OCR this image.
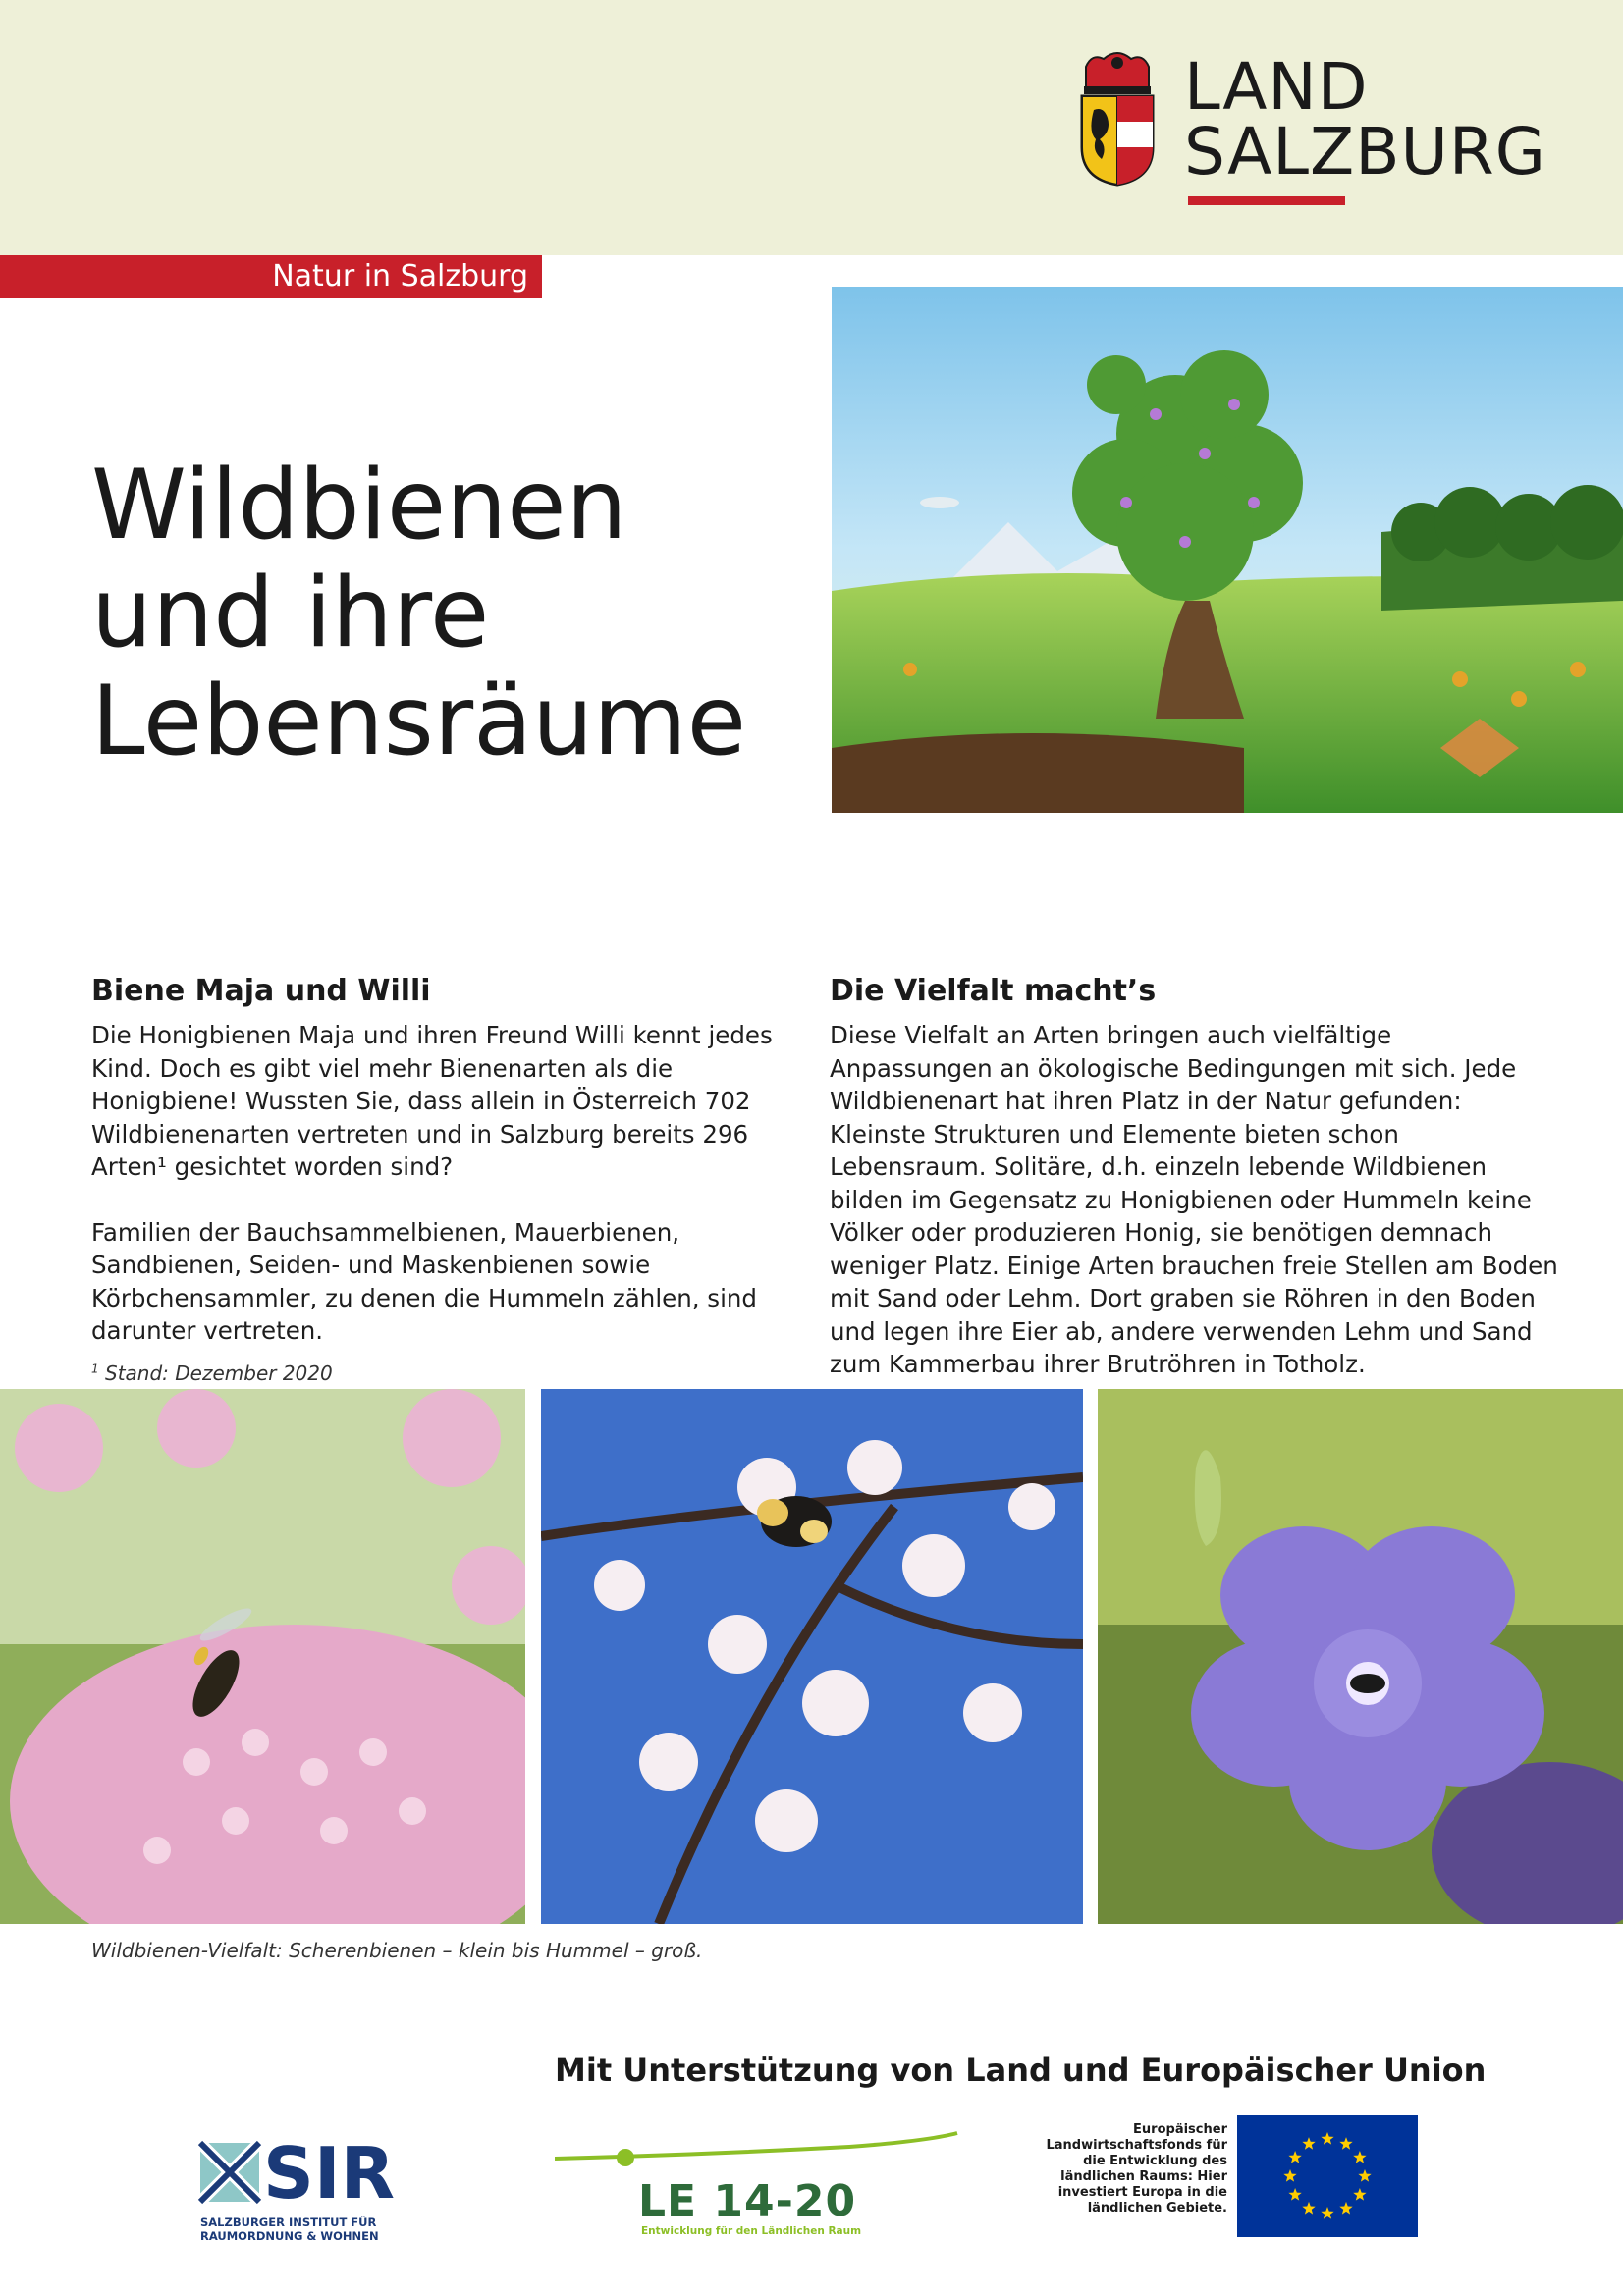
LAND
SALZBURG
Natur in Salzburg
Wildbienen
und ihre
Lebensräume
Biene Maja und Willi

Die Honigbienen Maja und ihren Freund Willi kennt jedes Kind. Doch es gibt viel mehr Bienenarten als die Honigbiene! Wussten Sie, dass allein in Österreich 702 Wildbienenarten vertreten und in Salzburg bereits 296 Arten¹ gesichtet worden sind?

Familien der Bauchsammelbienen, Mauerbienen, Sandbienen, Seiden- und Maskenbienen sowie Körbchensammler, zu denen die Hummeln zählen, sind darunter vertreten.

$^1$ Stand: Dezember 2020
Die Vielfalt macht’s

Diese Vielfalt an Arten bringen auch vielfältige Anpassungen an ökologische Bedingungen mit sich. Jede Wildbienenart hat ihren Platz in der Natur gefunden: Kleinste Strukturen und Elemente bieten schon Lebensraum. Solitäre, d.h. einzeln lebende Wildbienen bilden im Gegensatz zu Honigbienen oder Hummeln keine Völker oder produzieren Honig, sie benötigen demnach weniger Platz. Einige Arten brauchen freie Stellen am Boden mit Sand oder Lehm. Dort graben sie Röhren in den Boden und legen ihre Eier ab, andere verwenden Lehm und Sand zum Kammerbau ihrer Brutröhren in Totholz.

Wildbienen-Vielfalt: Scherenbienen – klein bis Hummel – groß.
Mit Unterstützung von Land und Europäischer Union
SIR
SALZBURGER INSTITUT FÜR
RAUMORDNUNG & WOHNEN
LE 14-20
Entwicklung für den Ländlichen Raum
Europäischer Landwirtschaftsfonds für die Entwicklung des ländlichen Raums: Hier investiert Europa in die ländlichen Gebiete.
